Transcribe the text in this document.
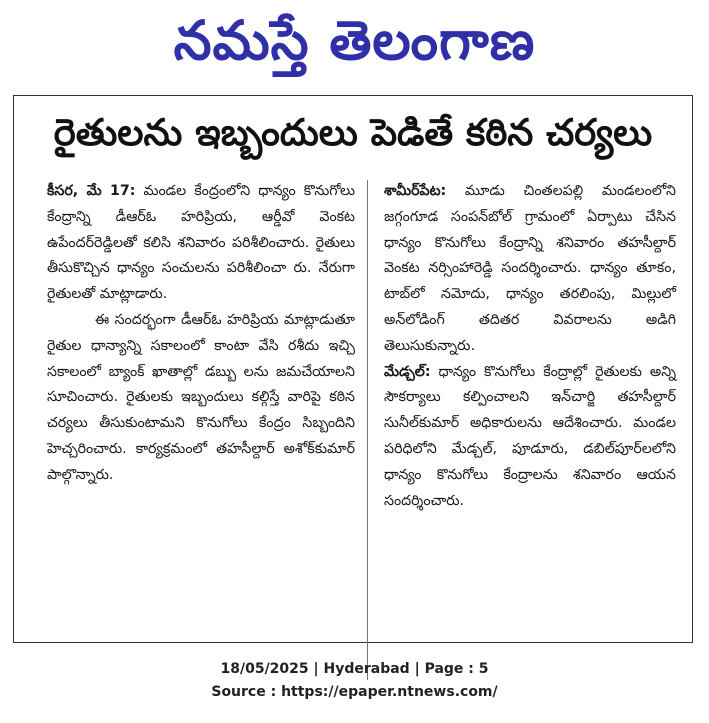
నమస్తే తెలంగాణ
రైతులను ఇబ్బందులు పెడితే కఠిన చర్యలు

కీసర, మే 17: మండల కేంద్రంలోని ధాన్యం కొనుగోలు కేంద్రాన్ని డీఆర్‌ఓ హరిప్రియ, ఆర్డీవో వెంకట ఉపేందర్‌రెడ్డిలతో కలిసి శనివారం పరిశీలించారు. రైతులు తీసుకొచ్చిన ధాన్యం సంచులను పరిశీలించా రు. నేరుగా రైతులతో మాట్లాడారు.

ఈ సందర్భంగా డీఆర్‌ఓ హరిప్రియ మాట్లాడుతూ రైతుల ధాన్యాన్ని సకాలంలో కాంటా వేసి రశీదు ఇచ్చి సకాలంలో బ్యాంక్ ఖాతాల్లో డబ్బు లను జమచేయాలని సూచించారు. రైతులకు ఇబ్బందులు కల్గిస్తే వారిపై కఠిన చర్యలు తీసుకుంటామని కొనుగోలు కేంద్రం సిబ్బందిని హెచ్చరించారు. కార్యక్రమంలో తహసీల్దార్ అశోక్‌కుమార్ పాల్గొన్నారు.

శామీర్‌పేట: మూడు చింతలపల్లి మండలంలోని జగ్గంగూడ సంపన్‌బోల్ గ్రామంలో ఏర్పాటు చేసిన ధాన్యం కొనుగోలు కేంద్రాన్ని శనివారం తహసీల్దార్ వెంకట నర్సింహారెడ్డి సందర్శించారు. ధాన్యం తూకం, టాబ్‌లో నమోదు, ధాన్యం తరలింపు, మిల్లులో అన్‌లోడింగ్ తదితర వివరాలను అడిగి తెలుసుకున్నారు.

మేడ్చల్: ధాన్యం కొనుగోలు కేంద్రాల్లో రైతులకు అన్ని సౌకర్యాలు కల్పించాలని ఇన్‌చార్జి తహసీల్దార్ సునీల్‌కుమార్ అధికారులను ఆదేశించారు. మండల పరిధిలోని మేడ్చల్, పూడూరు, డబిల్‌పూర్‌లలోని ధాన్యం కొనుగోలు కేంద్రాలను శనివారం ఆయన సందర్శించారు.

18/05/2025 | Hyderabad | Page : 5
Source : https://epaper.ntnews.com/
